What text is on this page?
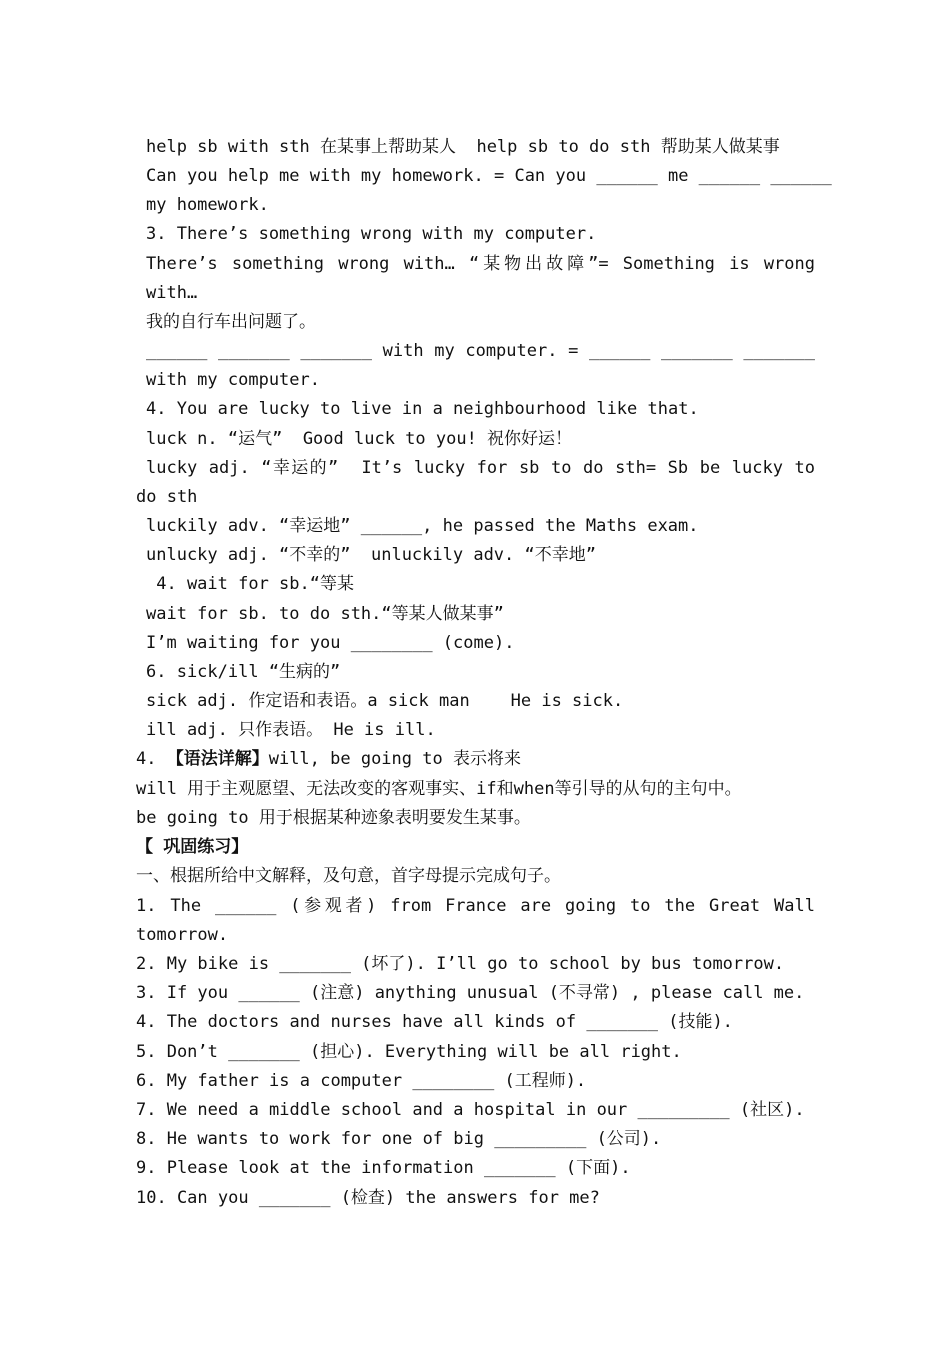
help sb with sth 在某事上帮助某人  help sb to do sth 帮助某人做某事
Can you help me with my homework. = Can you ______ me ______ ______
my homework.
3. There’s something wrong with my computer.
There’s something wrong with… “某物出故障”= Something is wrong
with…
我的自行车出问题了。
______ _______ _______ with my computer. = ______ _______ _______
with my computer.
4. You are lucky to live in a neighbourhood like that.
luck n. “运气”  Good luck to you! 祝你好运！
lucky adj. “幸运的”  It’s lucky for sb to do sth= Sb be lucky to
do sth
luckily adv. “幸运地” ______, he passed the Maths exam.
unlucky adj. “不幸的”  unluckily adv. “不幸地”
4. wait for sb.“等某
wait for sb. to do sth.“等某人做某事”
I’m waiting for you ________ (come).
6. sick/ill “生病的”
sick adj. 作定语和表语。a sick man    He is sick.
ill adj. 只作表语。 He is ill.
4. 【语法详解】will, be going to 表示将来
will 用于主观愿望、无法改变的客观事实、if和when等引导的从句的主句中。
be going to 用于根据某种迹象表明要发生某事。
【 巩固练习】
一、根据所给中文解释，及句意，首字母提示完成句子。
1. The ______ (参观者) from France are going to the Great Wall
tomorrow.
2. My bike is _______ (坏了). I’ll go to school by bus tomorrow.
3. If you ______ (注意) anything unusual (不寻常) , please call me.
4. The doctors and nurses have all kinds of _______ (技能).
5. Don’t _______ (担心). Everything will be all right.
6. My father is a computer ________ (工程师).
7. We need a middle school and a hospital in our _________ (社区).
8. He wants to work for one of big _________ (公司).
9. Please look at the information _______ (下面).
10. Can you _______ (检查) the answers for me?
